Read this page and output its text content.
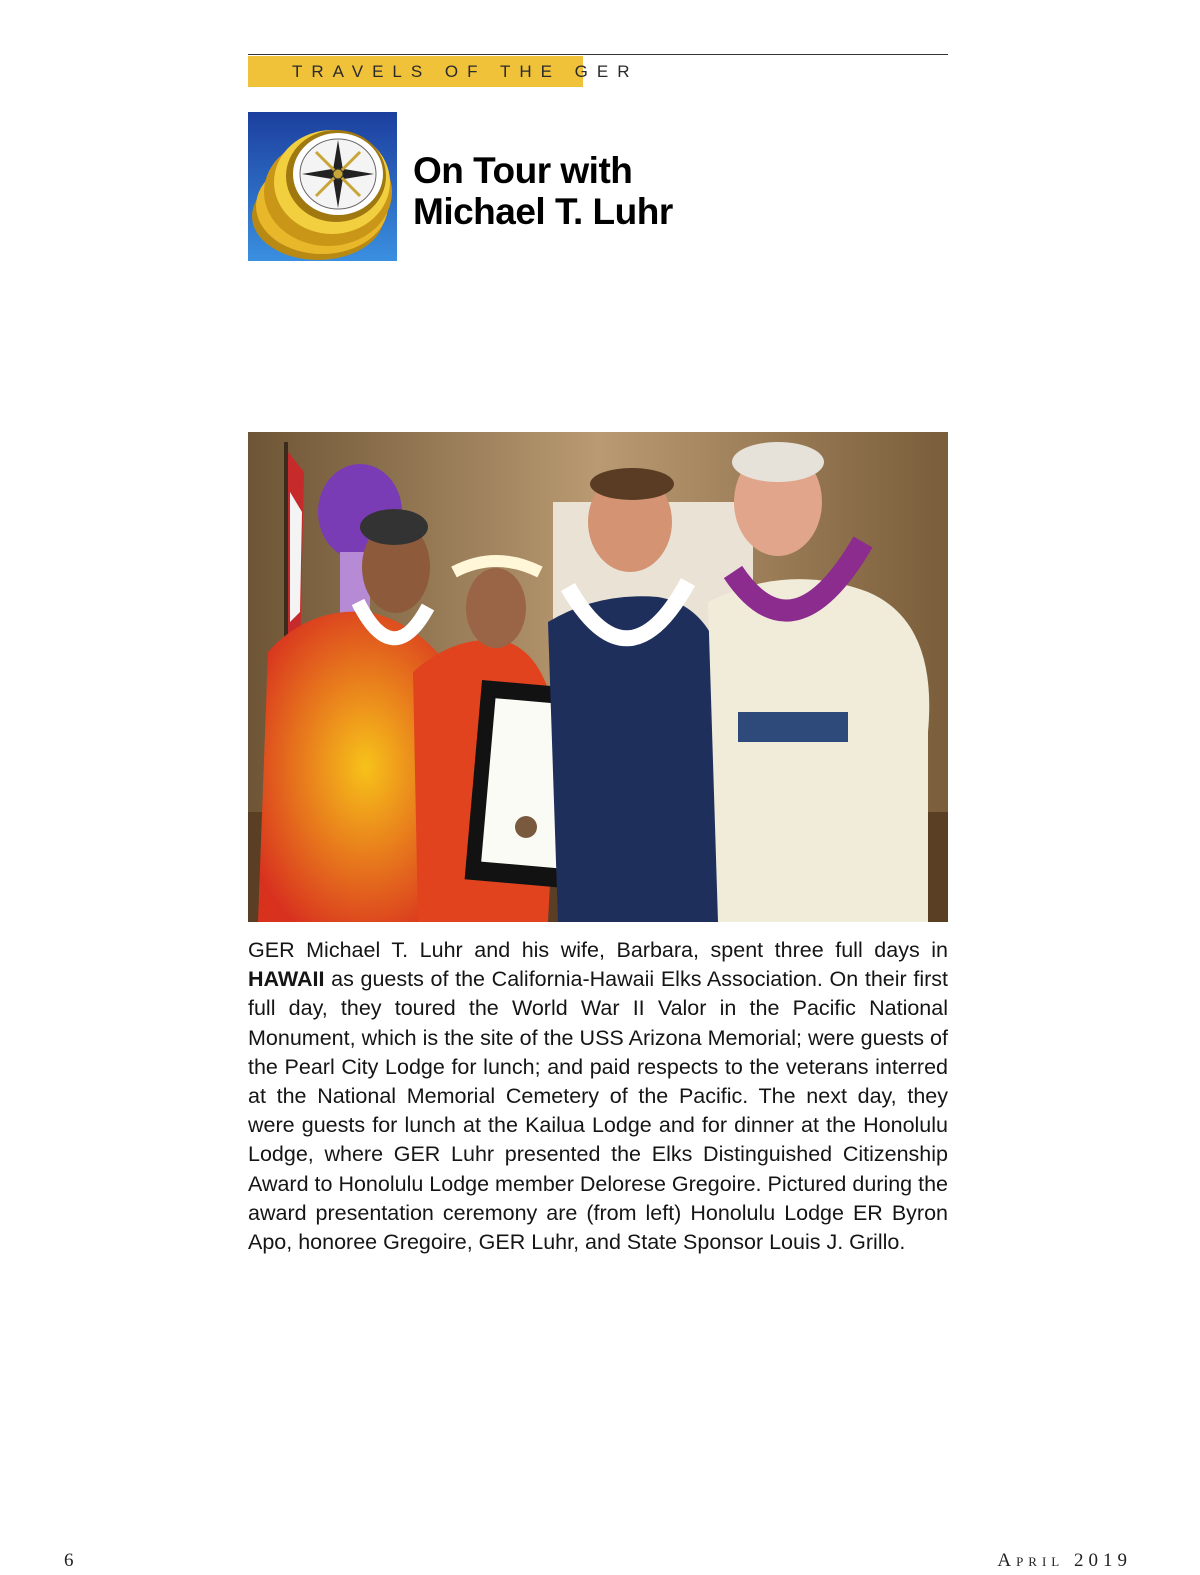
TRAVELS OF THE GER
On Tour with
Michael T. Luhr

GER Michael T. Luhr and his wife, Barbara, spent three full days in HAWAII as guests of the California-Hawaii Elks Association. On their first full day, they toured the World War II Valor in the Pacific National Monument, which is the site of the USS Arizona Memorial; were guests of the Pearl City Lodge for lunch; and paid respects to the veterans interred at the National Memorial Cemetery of the Pacific. The next day, they were guests for lunch at the Kailua Lodge and for dinner at the Honolulu Lodge, where GER Luhr presented the Elks Distinguished Citizenship Award to Honolulu Lodge member Delorese Gregoire. Pictured during the award presentation ceremony are (from left) Honolulu Lodge ER Byron Apo, honoree Gregoire, GER Luhr, and State Sponsor Louis J. Grillo.

6	April 2019
